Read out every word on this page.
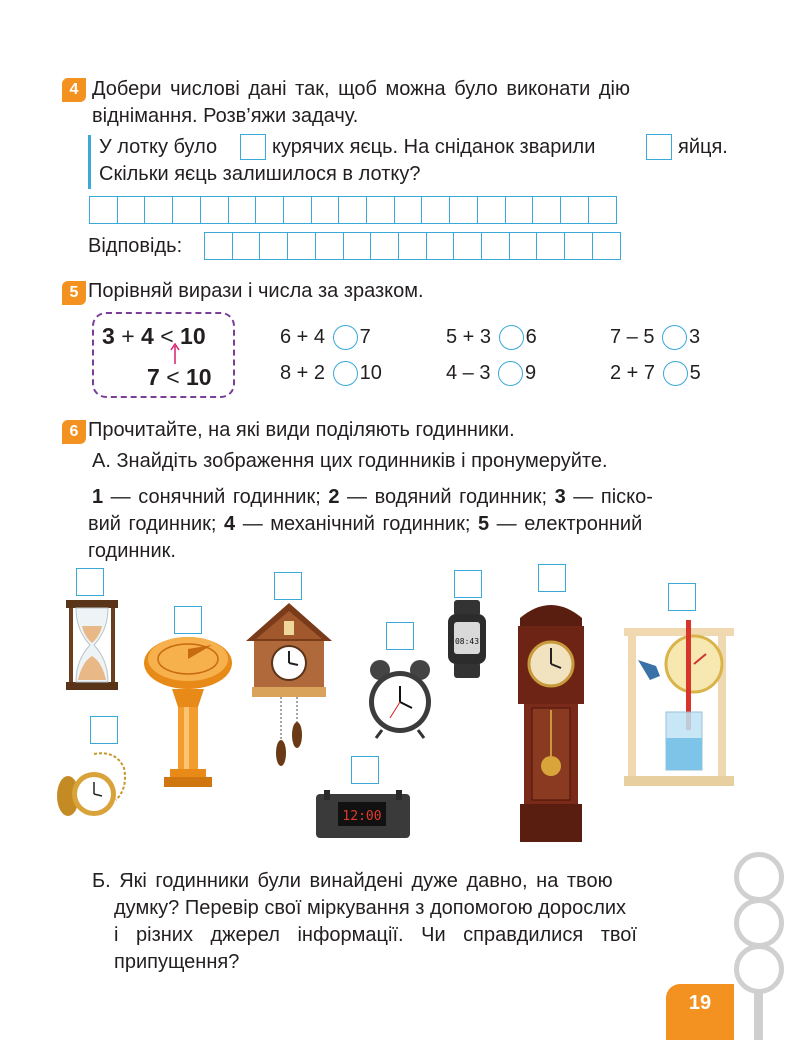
4 Добери числові дані так, щоб можна було виконати дію
віднімання. Розв’яжи задачу.
У лотку було	курячих яєць. На сніданок зварили	яйця.
Скільки яєць залишилося в лотку?
Відповідь:
5 Порівняй вирази і числа за зразком.
3 + 4 < 10
7 < 10
6 + 4 7	5 + 3 6	7 – 5 3
8 + 2 10	4 – 3 9	2 + 7 5
6 Прочитайте, на які види поділяють годинники.
А. Знайдіть зображення цих годинників і пронумеруйте.
1 — сонячний годинник; 2 — водяний годинник; 3 — піско-
вий годинник; 4 — механічний годинник; 5 — електронний
годинник.
08:43
12:00
Б. Які годинники були винайдені дуже давно, на твою
думку? Перевір свої міркування з допомогою дорослих
і різних джерел інформації. Чи справдилися твої
припущення?
19
